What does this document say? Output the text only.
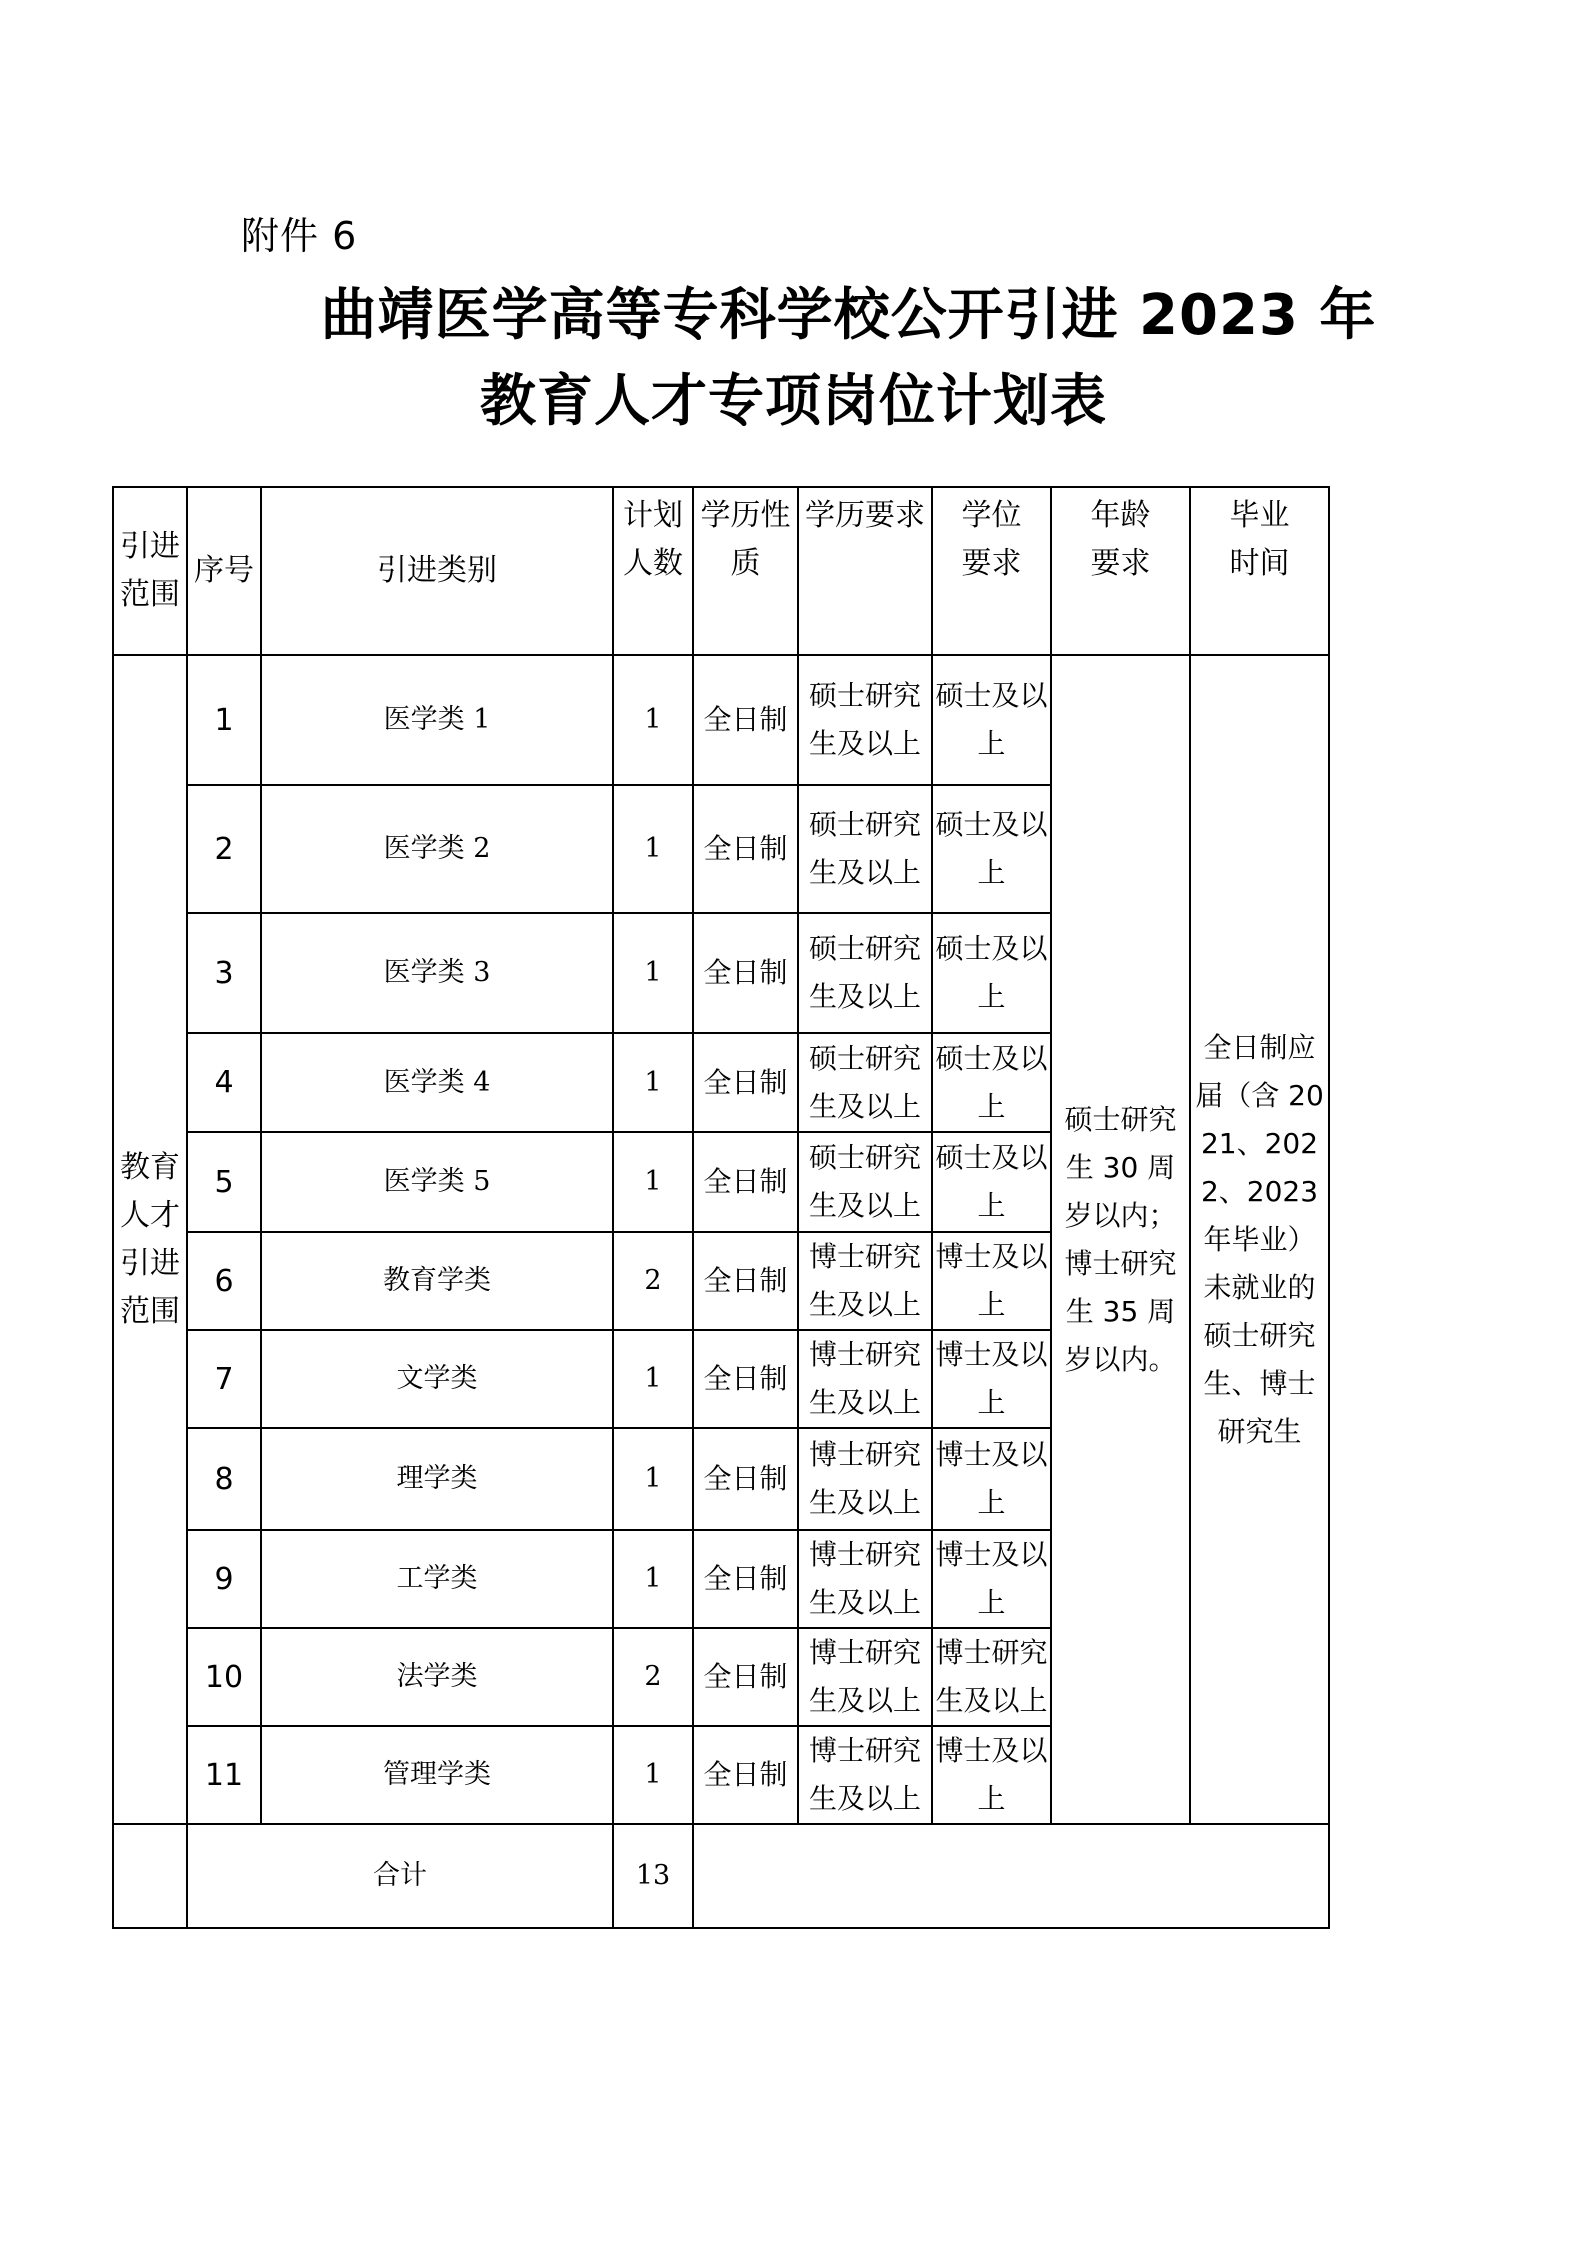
附件 6
曲靖医学高等专科学校公开引进 2023 年
教育人才专项岗位计划表
引进范围	序号	引进类别	计划人数	学历性质	学历要求	学位要求	年龄要求	毕业时间

教育人才引进范围	1	医学类 1	1	全日制	硕士研究生及以上	硕士及以上	硕士研究生 30 周岁以内；博士研究生 35 周岁以内。	全日制应届（含 2021、2022、2023 年毕业）未就业的硕士研究生、博士研究生

	2	医学类 2	1	全日制	硕士研究生及以上	硕士及以上		

	3	医学类 3	1	全日制	硕士研究生及以上	硕士及以上		

	4	医学类 4	1	全日制	硕士研究生及以上	硕士及以上		

	5	医学类 5	1	全日制	硕士研究生及以上	硕士及以上		

	6	教育学类	2	全日制	博士研究生及以上	博士及以上		

	7	文学类	1	全日制	博士研究生及以上	博士及以上		

	8	理学类	1	全日制	博士研究生及以上	博士及以上		

	9	工学类	1	全日制	博士研究生及以上	博士及以上		

	10	法学类	2	全日制	博士研究生及以上	博士研究生及以上		

	11	管理学类	1	全日制	博士研究生及以上	博士及以上		

	合计		13					
